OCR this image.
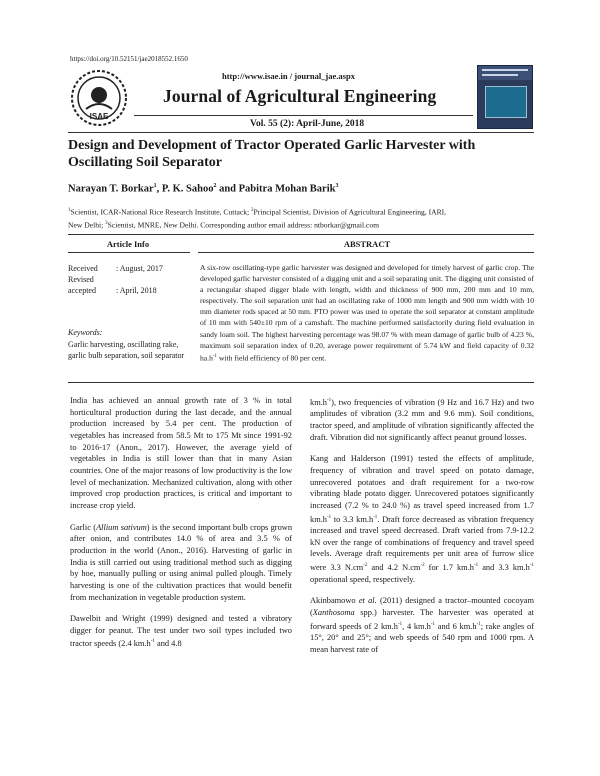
https://doi.org/10.52151/jae2018552.1650
ISAE
http://www.isae.in / journal_jae.aspx
Journal of Agricultural Engineering
Vol. 55 (2): April-June, 2018
Design and Development of Tractor Operated Garlic Harvester with
Oscillating Soil Separator
Narayan T. Borkar$^1$, P. K. Sahoo$^2$ and Pabitra Mohan Barik$^3$
$^1$Scientist, ICAR-National Rice Research Institute, Cuttack; $^2$Principal Scientist, Division of Agricultural Engineering, IARI,
New Delhi; $^3$Scientist, MNRE, New Delhi. Corresponding author email address: ntborkar@gmail.com
Article Info	ABSTRACT
Received	: August, 2017
Revised	
accepted	: April, 2018
Keywords:
Garlic harvesting, oscillating rake, garlic bulb separation, soil separator
A six-row oscillating-type garlic harvester was designed and developed for timely harvest of garlic crop. The developed garlic harvester consisted of a digging unit and a soil separating unit. The digging unit consisted of a rectangular shaped digger blade with length, width and thickness of 900 mm, 200 mm and 10 mm, respectively. The soil separation unit had an oscillating rake of 1000 mm length and 900 mm width with 10 mm diameter rods spaced at 50 mm. PTO power was used to operate the soil separator at constant amplitude of 10 mm with 540±10 rpm of a camshaft. The machine performed satisfactorily during field evaluation in sandy loam soil. The highest harvesting percentage was 98.07 % with mean damage of garlic bulb of 4.23 %, maximum soil separation index of 0.20, average power requirement of 5.74 kW and field capacity of 0.32 $ha.h^{-1}$ with field efficiency of 80 per cent.

India has achieved an annual growth rate of 3 % in total horticultural production during the last decade, and the annual production increased by 5.4 per cent. The production of vegetables has increased from 58.5 Mt to 175 Mt since 1991-92 to 2016-17 (Anon., 2017). However, the average yield of vegetables in India is still lower than that in many Asian countries. One of the major reasons of low productivity is the low level of mechanization. Mechanized cultivation, along with other improved crop production practices, is critical and important to increase crop yield.

Garlic (Allium sativum) is the second important bulb crops grown after onion, and contributes 14.0 % of area and 3.5 % of production in the world (Anon., 2016). Harvesting of garlic in India is still carried out using traditional method such as digging by hoe, manually pulling or using animal pulled plough. Timely harvesting is one of the cultivation practices that would benefit from mechanization in vegetable production system.

Dawelbit and Wright (1999) designed and tested a vibratory digger for peanut. The test under two soil types included two tractor speeds (2.4 $km.h^{-1}$ and 4.8

$km.h^{-1}$), two frequencies of vibration (9 Hz and 16.7 Hz) and two amplitudes of vibration (3.2 mm and 9.6 mm). Soil conditions, tractor speed, and amplitude of vibration significantly affected the draft. Vibration did not significantly affect peanut ground losses.

Kang and Halderson (1991) tested the effects of amplitude, frequency of vibration and travel speed on potato damage, unrecovered potatoes and draft requirement for a two-row vibrating blade potato digger. Unrecovered potatoes significantly increased (7.2 % to 24.0 %) as travel speed increased from 1.7 $km.h^{-1}$ to 3.3 $km.h^{-1}$. Draft force decreased as vibration frequency increased and travel speed decreased. Draft varied from 7.9-12.2 kN over the range of combinations of frequency and travel speed levels. Average draft requirements per unit area of furrow slice were 3.3 $N.cm^{-2}$ and 4.2 $N.cm^{-2}$ for 1.7 $km.h^{-1}$ and 3.3 $km.h^{-1}$ operational speed, respectively.

Akinbamowo et al. (2011) designed a tractor–mounted cocoyam (Xanthosoma spp.) harvester. The harvester was operated at forward speeds of 2 $km.h^{-1}$, 4 $km.h^{-1}$ and 6 $km.h^{-1}$; rake angles of 15°, 20° and 25°; and web speeds of 540 rpm and 1000 rpm. A mean harvest rate of
